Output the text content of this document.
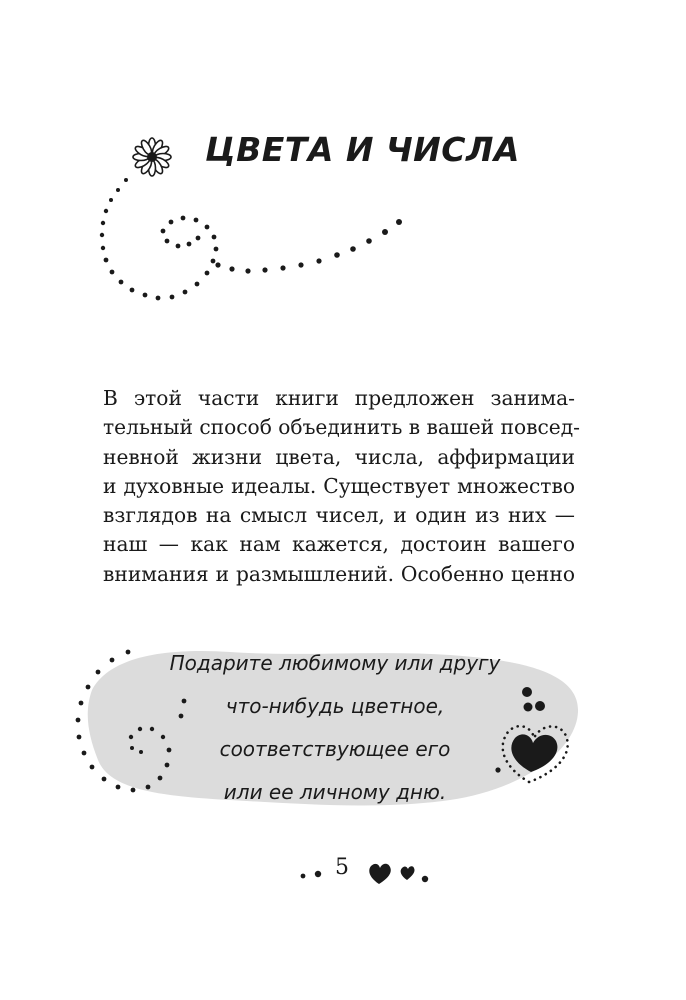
ЦВЕТА И ЧИСЛА
В этой части книги предложен занима-
тельный способ объединить в вашей повсед-
невной жизни цвета, числа, аффирмации
и духовные идеалы. Существует множество
взглядов на смысл чисел, и один из них —
наш — как нам кажется, достоин вашего
внимания и размышлений. Особенно ценно
Подарите любимому или другу
что-нибудь цветное,
соответствующее его
или ее личному дню.
5
